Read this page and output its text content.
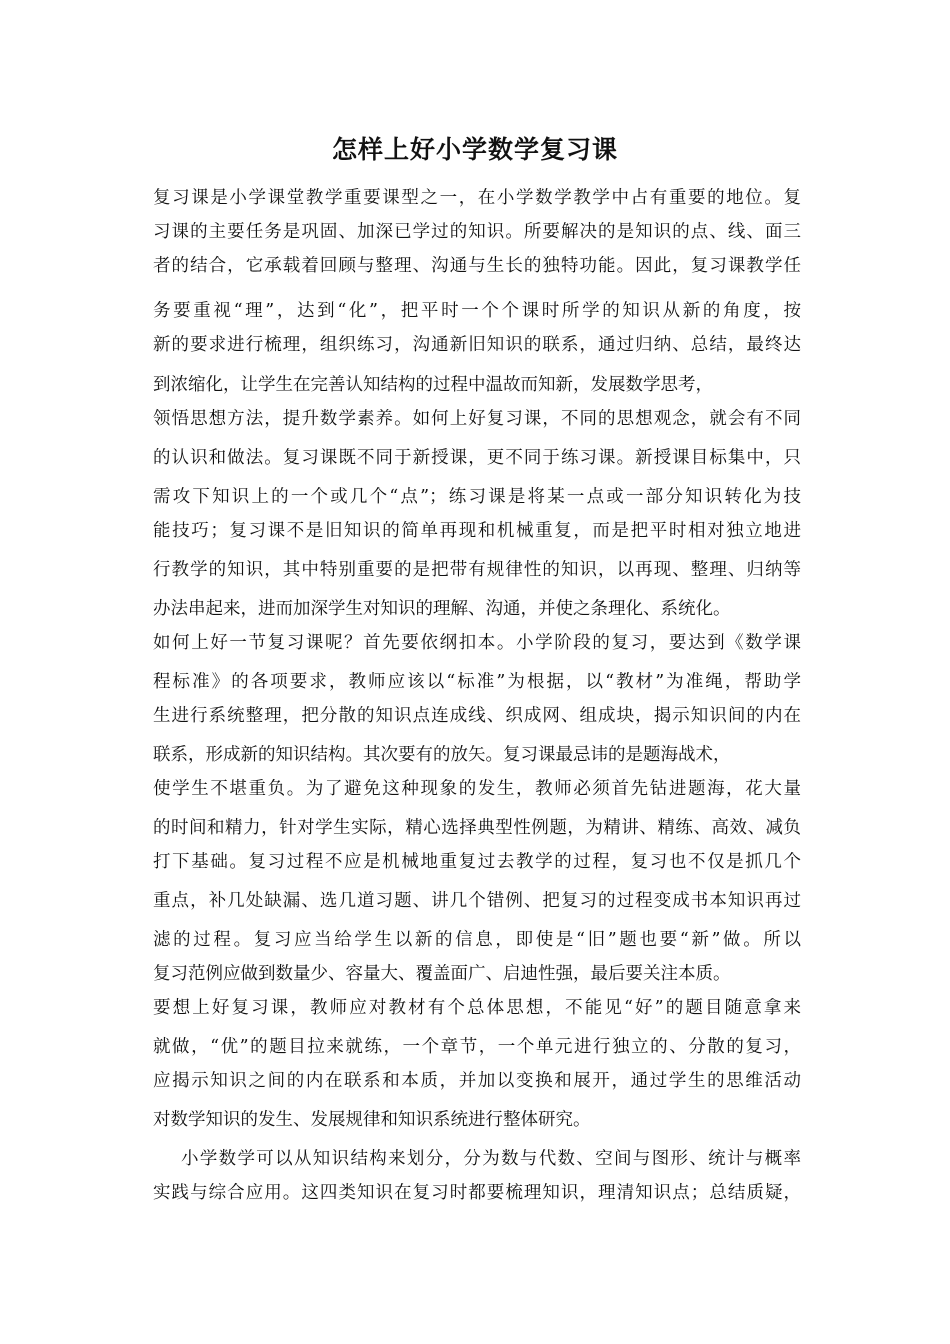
怎样上好小学数学复习课
复习课是小学课堂教学重要课型之一，在小学数学教学中占有重要的地位。复
习课的主要任务是巩固、加深已学过的知识。所要解决的是知识的点、线、面三
者的结合，它承载着回顾与整理、沟通与生长的独特功能。因此，复习课教学任
务要重视“理”，达到“化”，把平时一个个课时所学的知识从新的角度，按
新的要求进行梳理，组织练习，沟通新旧知识的联系，通过归纳、总结，最终达
到浓缩化，让学生在完善认知结构的过程中温故而知新，发展数学思考，
领悟思想方法，提升数学素养。如何上好复习课，不同的思想观念，就会有不同
的认识和做法。复习课既不同于新授课，更不同于练习课。新授课目标集中，只
需攻下知识上的一个或几个“点”；练习课是将某一点或一部分知识转化为技
能技巧；复习课不是旧知识的简单再现和机械重复，而是把平时相对独立地进
行教学的知识，其中特别重要的是把带有规律性的知识，以再现、整理、归纳等
办法串起来，进而加深学生对知识的理解、沟通，并使之条理化、系统化。
如何上好一节复习课呢？首先要依纲扣本。小学阶段的复习，要达到《数学课
程标准》的各项要求，教师应该以“标准”为根据，以“教材”为准绳，帮助学
生进行系统整理，把分散的知识点连成线、织成网、组成块，揭示知识间的内在
联系，形成新的知识结构。其次要有的放矢。复习课最忌讳的是题海战术，
使学生不堪重负。为了避免这种现象的发生，教师必须首先钻进题海，花大量
的时间和精力，针对学生实际，精心选择典型性例题，为精讲、精练、高效、减负
打下基础。复习过程不应是机械地重复过去教学的过程，复习也不仅是抓几个
重点，补几处缺漏、选几道习题、讲几个错例、把复习的过程变成书本知识再过
滤的过程。复习应当给学生以新的信息，即使是“旧”题也要“新”做。所以
复习范例应做到数量少、容量大、覆盖面广、启迪性强，最后要关注本质。
要想上好复习课，教师应对教材有个总体思想，不能见“好”的题目随意拿来
就做，“优”的题目拉来就练，一个章节，一个单元进行独立的、分散的复习，
应揭示知识之间的内在联系和本质，并加以变换和展开，通过学生的思维活动
对数学知识的发生、发展规律和知识系统进行整体研究。
小学数学可以从知识结构来划分，分为数与代数、空间与图形、统计与概率
实践与综合应用。这四类知识在复习时都要梳理知识，理清知识点；总结质疑，
